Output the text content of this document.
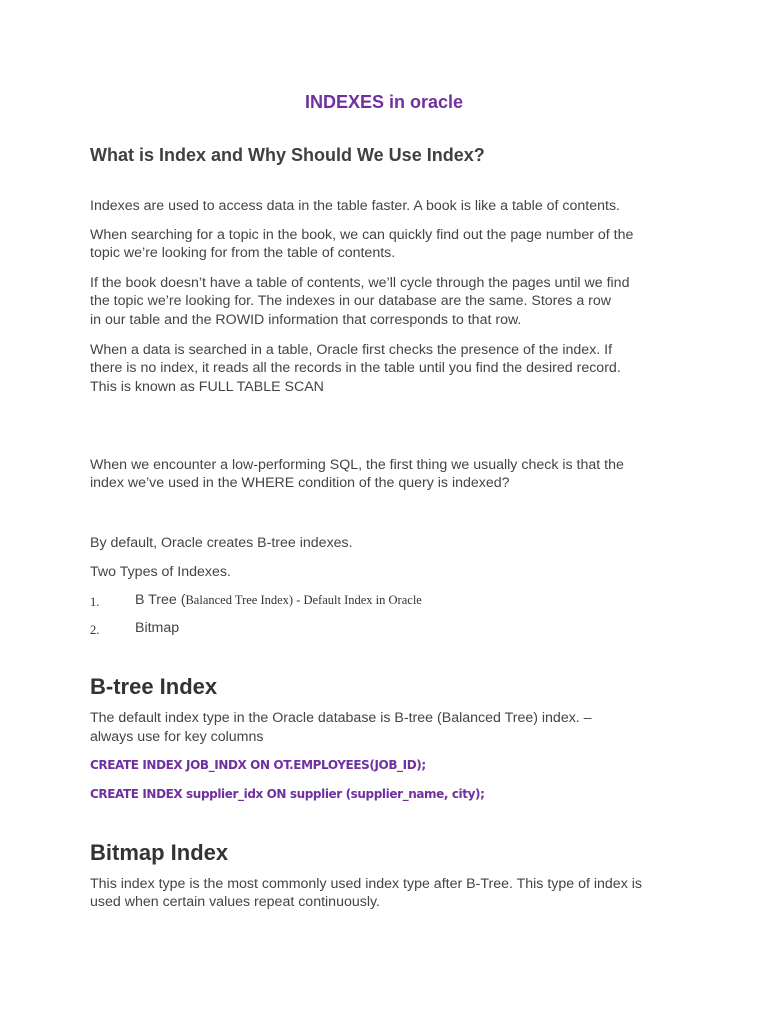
INDEXES in oracle
What is Index and Why Should We Use Index?
Indexes are used to access data in the table faster. A book is like a table of contents.
When searching for a topic in the book, we can quickly find out the page number of the
topic we’re looking for from the table of contents.
If the book doesn’t have a table of contents, we’ll cycle through the pages until we find
the topic we’re looking for. The indexes in our database are the same. Stores a row
in our table and the ROWID information that corresponds to that row.
When a data is searched in a table, Oracle first checks the presence of the index. If
there is no index, it reads all the records in the table until you find the desired record.
This is known as FULL TABLE SCAN
When we encounter a low-performing SQL, the first thing we usually check is that the
index we’ve used in the WHERE condition of the query is indexed?
By default, Oracle creates B-tree indexes.
Two Types of Indexes.
1.	B Tree (Balanced Tree Index) - Default Index in Oracle
2.	Bitmap
B-tree Index
The default index type in the Oracle database is B-tree (Balanced Tree) index. –
always use for key columns
CREATE INDEX JOB_INDX ON OT.EMPLOYEES(JOB_ID);
CREATE INDEX supplier_idx ON supplier (supplier_name, city);
Bitmap Index
This index type is the most commonly used index type after B-Tree. This type of index is
used when certain values repeat continuously.
